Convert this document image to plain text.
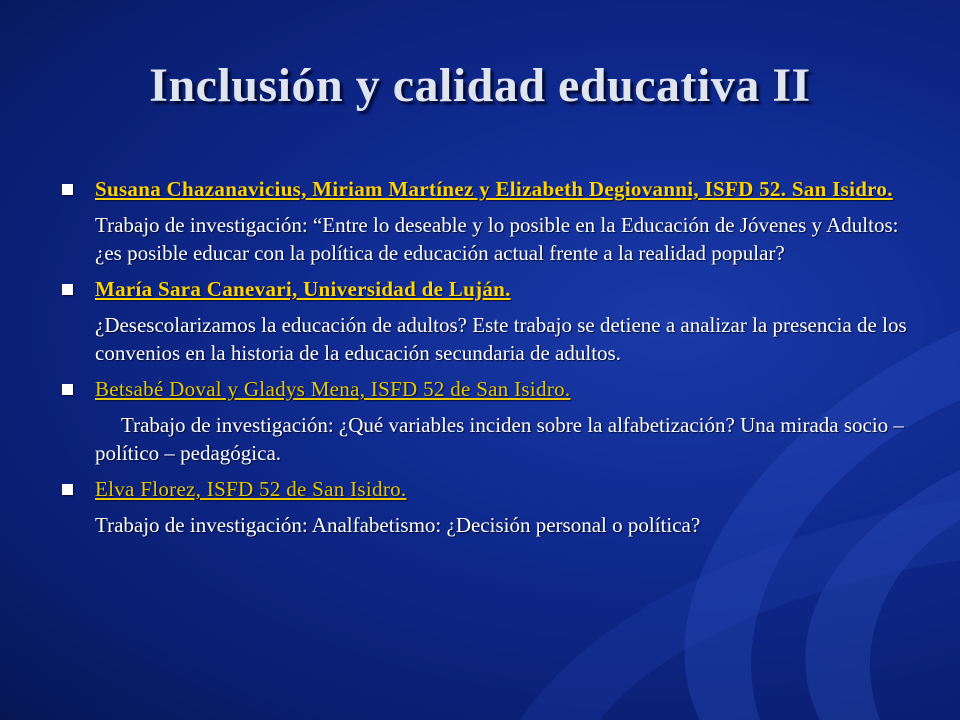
Inclusión y calidad educativa II
Susana Chazanavicius, Miriam Martínez y Elizabeth Degiovanni, ISFD 52. San Isidro.
Trabajo de investigación: “Entre lo deseable y lo posible en la Educación de Jóvenes y Adultos: ¿es posible educar con la política de educación actual frente a la realidad popular?
María Sara Canevari, Universidad de Luján.
¿Desescolarizamos la educación de adultos? Este trabajo se detiene a analizar la presencia de los convenios en la historia de la educación secundaria de adultos.
Betsabé Doval y Gladys Mena, ISFD 52 de San Isidro.
Trabajo de investigación: ¿Qué variables inciden sobre la alfabetización? Una mirada socio – político – pedagógica.
Elva Florez, ISFD 52 de San Isidro.
Trabajo de investigación: Analfabetismo: ¿Decisión personal o política?
